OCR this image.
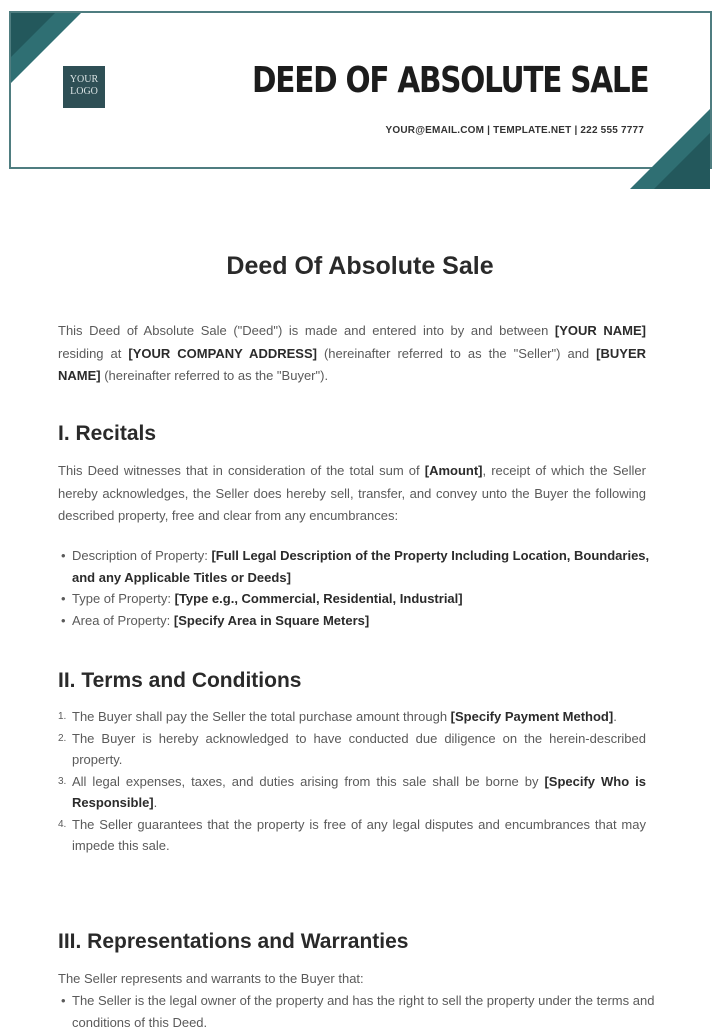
YOUR LOGO	DEED OF ABSOLUTE SALE
YOUR@EMAIL.COM | TEMPLATE.NET | 222 555 7777
Deed Of Absolute Sale

This Deed of Absolute Sale ("Deed") is made and entered into by and between [YOUR NAME] residing at [YOUR COMPANY ADDRESS] (hereinafter referred to as the "Seller") and [BUYER NAME] (hereinafter referred to as the "Buyer").

I. Recitals

This Deed witnesses that in consideration of the total sum of [Amount], receipt of which the Seller hereby acknowledges, the Seller does hereby sell, transfer, and convey unto the Buyer the following described property, free and clear from any encumbrances:

• Description of Property: [Full Legal Description of the Property Including Location, Boundaries, and any Applicable Titles or Deeds]
• Type of Property: [Type e.g., Commercial, Residential, Industrial]
• Area of Property: [Specify Area in Square Meters]
II. Terms and Conditions
1. The Buyer shall pay the Seller the total purchase amount through [Specify Payment Method].
2. The Buyer is hereby acknowledged to have conducted due diligence on the herein-described property.
3. All legal expenses, taxes, and duties arising from this sale shall be borne by [Specify Who is Responsible].
4. The Seller guarantees that the property is free of any legal disputes and encumbrances that may impede this sale.
III. Representations and Warranties

The Seller represents and warrants to the Buyer that:

• The Seller is the legal owner of the property and has the right to sell the property under the terms and conditions of this Deed.
